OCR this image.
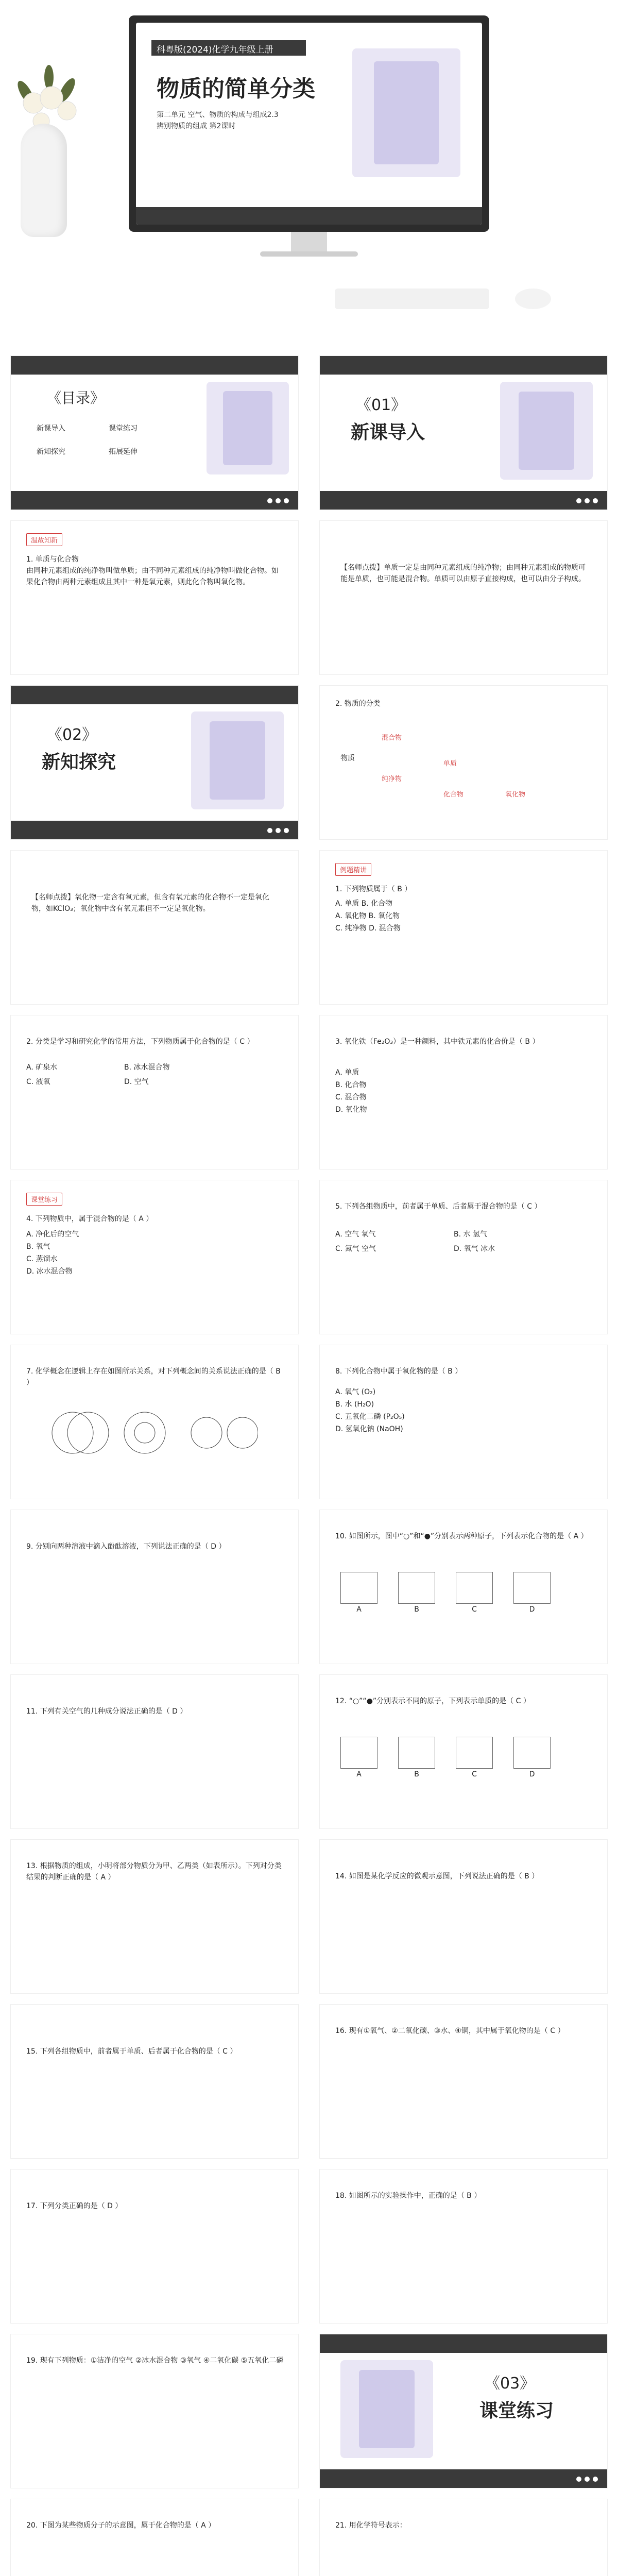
科粤版(2024)化学九年级上册
物质的简单分类
第二单元 空气、物质的构成与组成2.3
辨别物质的组成 第2课时
《目录》
新课导入	课堂练习
新知探究	拓展延伸
《01》
新课导入
温故知新
1. 单质与化合物
由同种元素组成的纯净物叫做单质；由不同种元素组成的纯净物叫做化合物。如果化合物由两种元素组成且其中一种是氧元素，则此化合物叫氧化物。
【名师点拨】单质一定是由同种元素组成的纯净物；由同种元素组成的物质可能是单质，也可能是混合物。单质可以由原子直接构成，也可以由分子构成。
《02》
新知探究
2. 物质的分类
物质
混合物
纯净物
单质
化合物	氧化物
【名师点拨】氧化物一定含有氧元素，但含有氧元素的化合物不一定是氧化物，如KClO₃；氧化物中含有氧元素但不一定是氧化物。
例题精讲
1. 下列物质属于（ B ）
A. 单质 B. 化合物
A. 氧化物 B. 氧化物
C. 纯净物 D. 混合物
2. 分类是学习和研究化学的常用方法，下列物质属于化合物的是（ C ）
A. 矿泉水	B. 冰水混合物
C. 液氧	D. 空气
3. 氧化铁（Fe₂O₃）是一种颜料，其中铁元素的化合价是（ B ）
A. 单质
B. 化合物
C. 混合物
D. 氧化物
课堂练习
4. 下列物质中，属于混合物的是（ A ）
A. 净化后的空气
B. 氧气
C. 蒸馏水
D. 冰水混合物
5. 下列各组物质中，前者属于单质、后者属于混合物的是（ C ）
A. 空气 氧气	B. 水 氢气
C. 氮气 空气	D. 氧气 冰水
7. 化学概念在逻辑上存在如图所示关系，对下列概念间的关系说法正确的是（ B ）
8. 下列化合物中属于氧化物的是（ B ）
A. 氧气 (O₂)
B. 水 (H₂O)
C. 五氧化二磷 (P₂O₅)
D. 氢氧化钠 (NaOH)
9. 分别向两种溶液中滴入酚酞溶液，下列说法正确的是（ D ）
10. 如图所示，图中“○”和“●”分别表示两种原子，下列表示化合物的是（ A ）
A	B	C	D
11. 下列有关空气的几种成分说法正确的是（ D ）
12. “○”“●”分别表示不同的原子，下列表示单质的是（ C ）
A	B	C	D
13. 根据物质的组成，小明将部分物质分为甲、乙两类（如表所示）。下列对分类结果的判断正确的是（ A ）	14. 如图是某化学反应的微观示意图，下列说法正确的是（ B ）
15. 下列各组物质中，前者属于单质、后者属于化合物的是（ C ）
16. 现有①氧气、②二氧化碳、③水、④铜，其中属于氧化物的是（ C ）
17. 下列分类正确的是（ D ）
18. 如图所示的实验操作中，正确的是（ B ）
19. 现有下列物质：①洁净的空气 ②冰水混合物 ③氧气 ④二氧化碳 ⑤五氧化二磷
《03》
课堂练习
20. 下图为某些物质分子的示意图，属于化合物的是（ A ）	21. 用化学符号表示：
